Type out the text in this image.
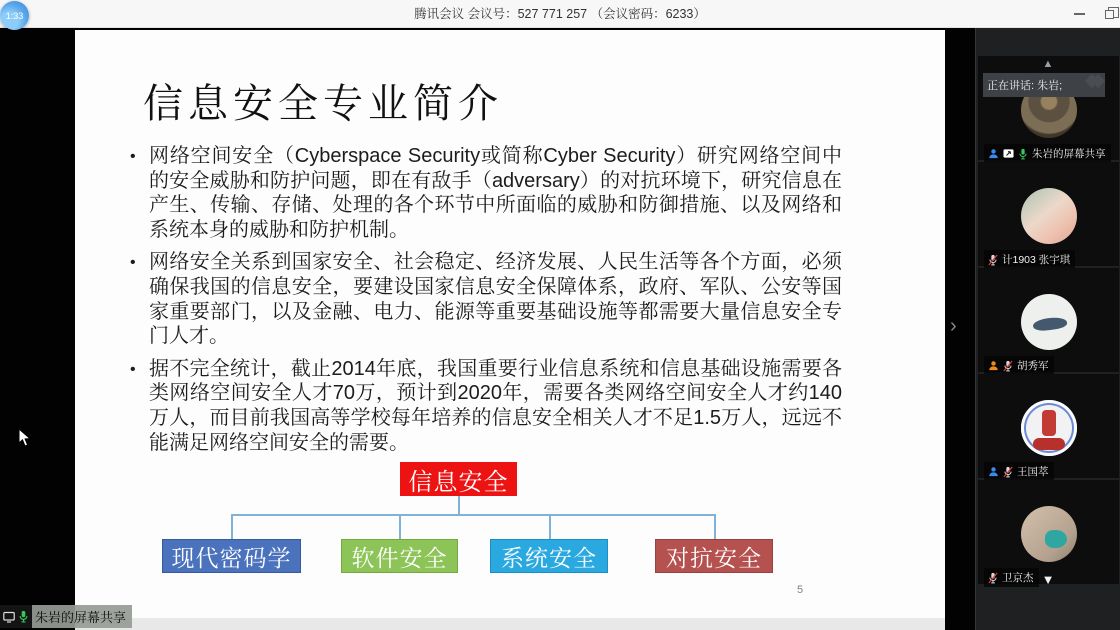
腾讯会议 会议号：527 771 257 （会议密码：6233）
1:33
信息安全专业简介
• 网络空间安全（Cyberspace Security或简称Cyber Security）研究网络空间中的安全威胁和防护问题，即在有敌手（adversary）的对抗环境下，研究信息在产生、传输、存储、处理的各个环节中所面临的威胁和防御措施、以及网络和系统本身的威胁和防护机制。
• 网络安全关系到国家安全、社会稳定、经济发展、人民生活等各个方面，必须确保我国的信息安全，要建设国家信息安全保障体系，政府、军队、公安等国家重要部门，以及金融、电力、能源等重要基础设施等都需要大量信息安全专门人才。
• 据不完全统计，截止2014年底，我国重要行业信息系统和信息基础设施需要各类网络空间安全人才70万，预计到2020年，需要各类网络空间安全人才约140万人，而目前我国高等学校每年培养的信息安全相关人才不足1.5万人，远远不能满足网络空间安全的需要。
信息安全
现代密码学	软件安全	系统安全	对抗安全
5
›
朱岩的屏幕共享
▲
朱岩的屏幕共享
计1903 张宇琪
胡秀军
王国萃
卫京杰
正在讲话: 朱岩;
▼
